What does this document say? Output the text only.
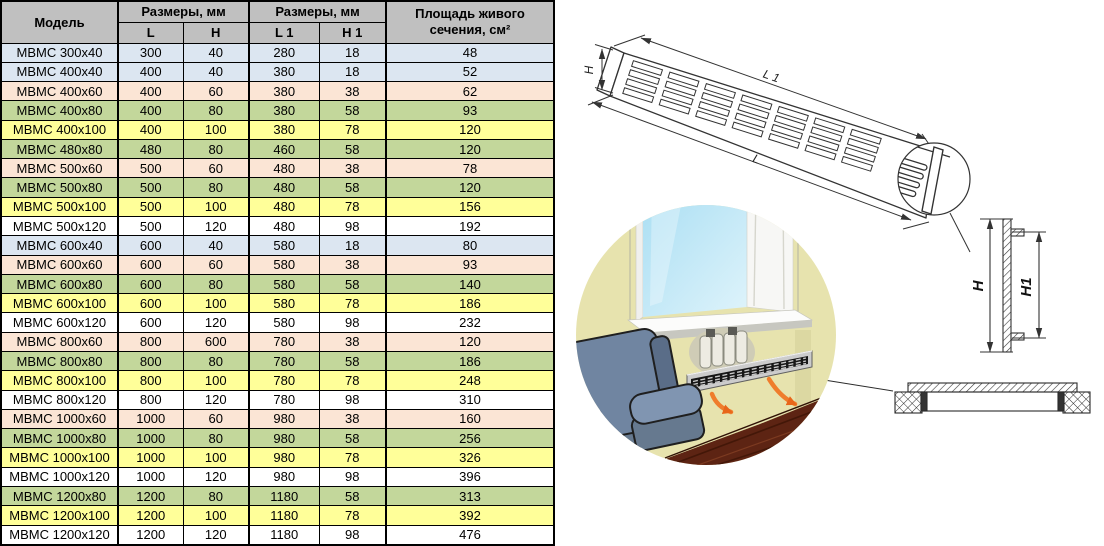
Модель	Размеры, мм		Размеры, мм		Площадь живого сечения, см²
	L	H	L 1	H 1	
МВМС 300x40	300	40	280	18	48
МВМС 400x40	400	40	380	18	52
МВМС 400x60	400	60	380	38	62
МВМС 400x80	400	80	380	58	93
МВМС 400x100	400	100	380	78	120
МВМС 480x80	480	80	460	58	120
МВМС 500x60	500	60	480	38	78
МВМС 500x80	500	80	480	58	120
МВМС 500x100	500	100	480	78	156
МВМС 500x120	500	120	480	98	192
МВМС 600x40	600	40	580	18	80
МВМС 600x60	600	60	580	38	93
МВМС 600x80	600	80	580	58	140
МВМС 600x100	600	100	580	78	186
МВМС 600x120	600	120	580	98	232
МВМС 800x60	800	600	780	38	120
МВМС 800x80	800	80	780	58	186
МВМС 800x100	800	100	780	78	248
МВМС 800x120	800	120	780	98	310
МВМС 1000x60	1000	60	980	38	160
МВМС 1000x80	1000	80	980	58	256
МВМС 1000x100	1000	100	980	78	326
МВМС 1000x120	1000	120	980	98	396
МВМС 1200x80	1200	80	1180	58	313
МВМС 1200x100	1200	100	1180	78	392
МВМС 1200x120	1200	120	1180	98	476
H	L 1
L
H H1
